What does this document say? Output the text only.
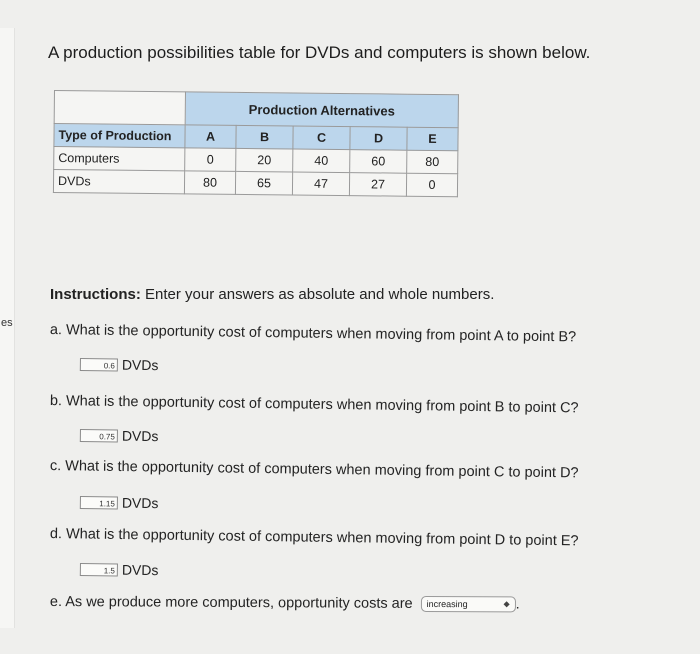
es
A production possibilities table for DVDs and computers is shown below.
	Production Alternatives				
Type of Production	A	B	C	D	E
Computers	0	20	40	60	80
DVDs	80	65	47	27	0
Instructions: Enter your answers as absolute and whole numbers.
a. What is the opportunity cost of computers when moving from point A to point B?
0.6 DVDs
b. What is the opportunity cost of computers when moving from point B to point C?
0.75 DVDs
c. What is the opportunity cost of computers when moving from point C to point D?
1.15 DVDs
d. What is the opportunity cost of computers when moving from point D to point E?
1.5 DVDs
e. As we produce more computers, opportunity costs are increasing	◆ .
